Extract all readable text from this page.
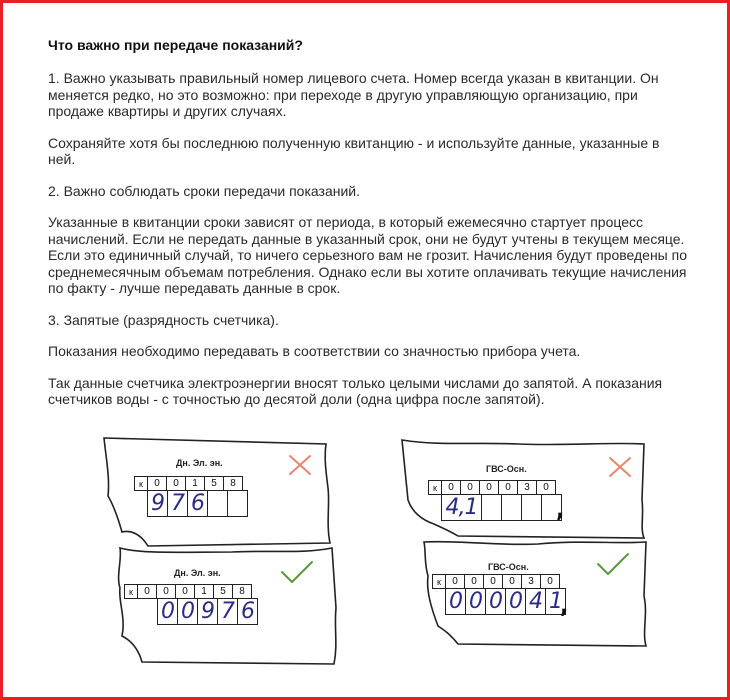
Что важно при передаче показаний?

1. Важно указывать правильный номер лицевого счета. Номер всегда указан в квитанции. Он меняется редко, но это возможно: при переходе в другую управляющую организацию, при продаже квартиры и других случаях.

Сохраняйте хотя бы последнюю полученную квитанцию - и используйте данные, указанные в ней.

2. Важно соблюдать сроки передачи показаний.

Указанные в квитанции сроки зависят от периода, в который ежемесячно стартует процесс начислений. Если не передать данные в указанный срок, они не будут учтены в текущем месяце. Если это единичный случай, то ничего серьезного вам не грозит. Начисления будут проведены по среднемесячным объемам потребления. Однако если вы хотите оплачивать текущие начисления по факту - лучше передавать данные в срок.

3. Запятые (разрядность счетчика).

Показания необходимо передавать в соответствии со значностью прибора учета.

Так данные счетчика электроэнергии вносят только целыми числами до запятой. А показания счетчиков воды - с точностью до десятой доли (одна цифра после запятой).

Дн. Эл. эн.
к	0	0	1	5	8
9 7 6
Дн. Эл. эн.
к	0	0	0	1	5	8
0 0 9 7 6
ГВС-Осн.
к	0	0	0	0	3	0
4,1	,
ГВС-Осн.
к	0	0	0	0	3	0
0 0 0 0 4 1
,
